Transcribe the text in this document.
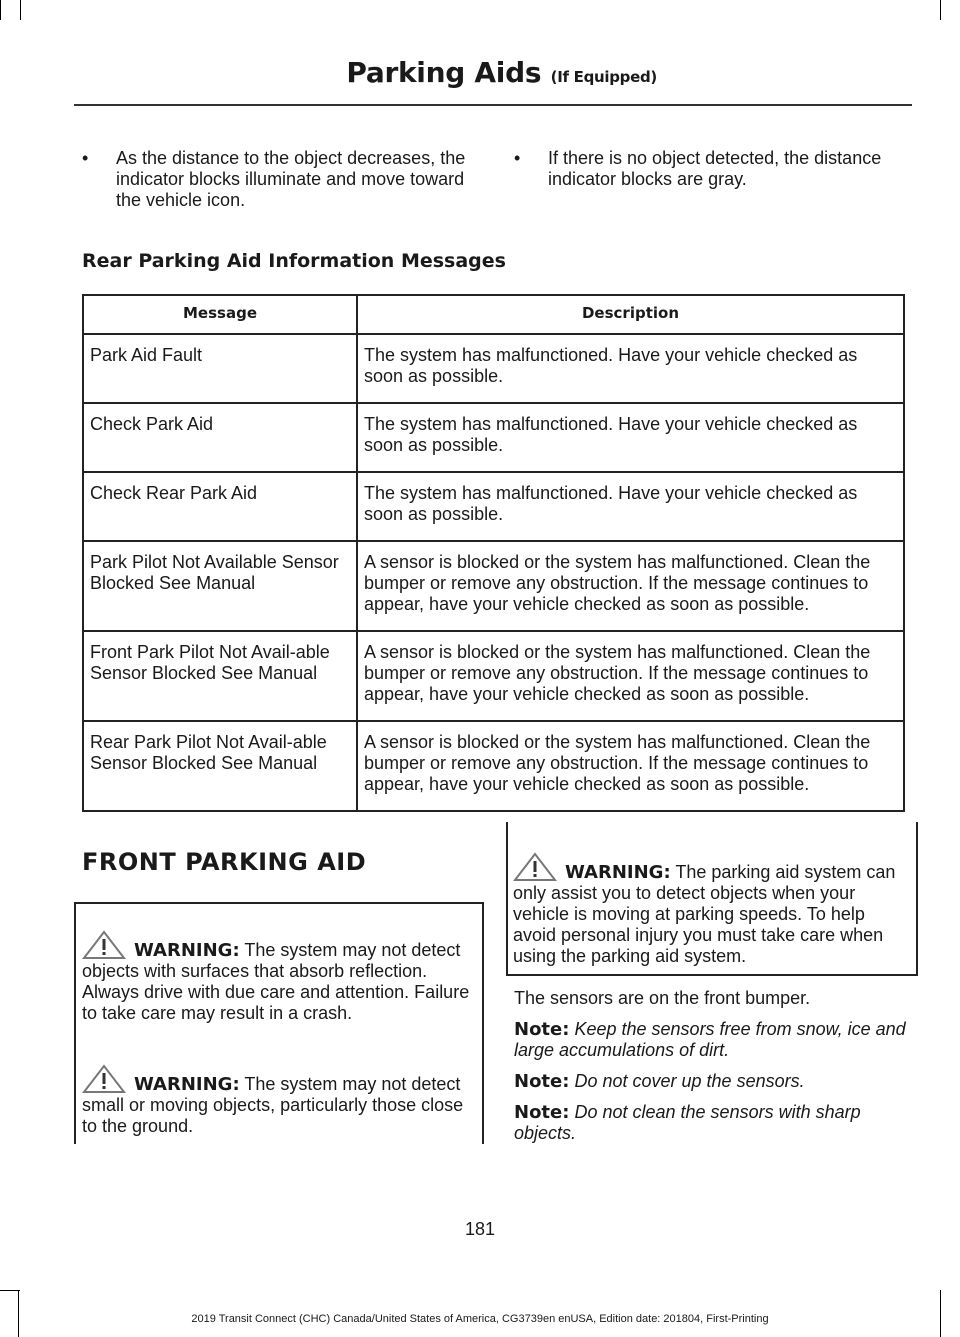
Parking Aids (If Equipped)
• As the distance to the object decreases, the indicator blocks illuminate and move toward the vehicle icon.
• If there is no object detected, the distance indicator blocks are gray.
Rear Parking Aid Information Messages
Message	Description
Park Aid Fault	The system has malfunctioned. Have your vehicle checked as soon as possible.
Check Park Aid	The system has malfunctioned. Have your vehicle checked as soon as possible.
Check Rear Park Aid	The system has malfunctioned. Have your vehicle checked as soon as possible.
Park Pilot Not Available Sensor Blocked See Manual	A sensor is blocked or the system has malfunctioned. Clean the bumper or remove any obstruction. If the message continues to appear, have your vehicle checked as soon as possible.
Front Park Pilot Not Avail-able Sensor Blocked See Manual	A sensor is blocked or the system has malfunctioned. Clean the bumper or remove any obstruction. If the message continues to appear, have your vehicle checked as soon as possible.
Rear Park Pilot Not Avail-able Sensor Blocked See Manual	A sensor is blocked or the system has malfunctioned. Clean the bumper or remove any obstruction. If the message continues to appear, have your vehicle checked as soon as possible.
FRONT PARKING AID
WARNING: The system may not detect objects with surfaces that absorb reflection. Always drive with due care and attention. Failure to take care may result in a crash.
WARNING: The system may not detect small or moving objects, particularly those close to the ground.
WARNING: The parking aid system can only assist you to detect objects when your vehicle is moving at parking speeds. To help avoid personal injury you must take care when using the parking aid system.
The sensors are on the front bumper.
Note: Keep the sensors free from snow, ice and large accumulations of dirt.
Note: Do not cover up the sensors.
Note: Do not clean the sensors with sharp objects.
181
2019 Transit Connect (CHC) Canada/United States of America, CG3739en enUSA, Edition date: 201804, First-Printing
